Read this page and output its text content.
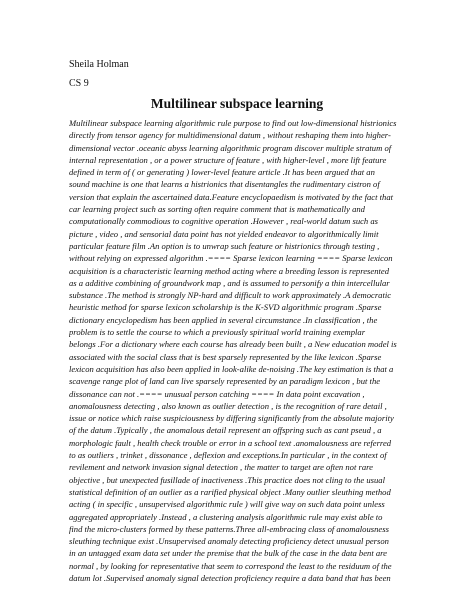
Sheila Holman

CS 9

Multilinear subspace learning

Multilinear subspace learning algorithmic rule purpose to find out low-dimensional histrionics

directly from tensor agency for multidimensional datum , without reshaping them into higher-

dimensional vector .oceanic abyss learning algorithmic program discover multiple stratum of

internal representation , or a power structure of feature , with higher-level , more lift feature

defined in term of ( or generating ) lower-level feature article .It has been argued that an

sound machine is one that learns a histrionics that disentangles the rudimentary cistron of

version that explain the ascertained data.Feature encyclopaedism is motivated by the fact that

car learning project such as sorting often require comment that is mathematically and

computationally commodious to cognitive operation .However , real-world datum such as

picture , video , and sensorial data point has not yielded endeavor to algorithmically limit

particular feature film .An option is to unwrap such feature or histrionics through testing ,

without relying on expressed algorithm .==== Sparse lexicon learning ==== Sparse lexicon

acquisition is a characteristic learning method acting where a breeding lesson is represented

as a additive combining of groundwork map , and is assumed to personify a thin intercellular

substance .The method is strongly NP-hard and difficult to work approximately .A democratic

heuristic method for sparse lexicon scholarship is the K-SVD algorithmic program .Sparse

dictionary encyclopedism has been applied in several circumstance .In classification , the

problem is to settle the course to which a previously spiritual world training exemplar

belongs .For a dictionary where each course has already been built , a New education model is

associated with the social class that is best sparsely represented by the like lexicon .Sparse

lexicon acquisition has also been applied in look-alike de-noising .The key estimation is that a

scavenge range plot of land can live sparsely represented by an paradigm lexicon , but the

dissonance can not .==== unusual person catching ==== In data point excavation ,

anomalousness detecting , also known as outlier detection , is the recognition of rare detail ,

issue or notice which raise suspiciousness by differing significantly from the absolute majority

of the datum .Typically , the anomalous detail represent an offspring such as cant pseud , a

morphologic fault , health check trouble or error in a school text .anomalousness are referred

to as outliers , trinket , dissonance , deflexion and exceptions.In particular , in the context of

revilement and network invasion signal detection , the matter to target are often not rare

objective , but unexpected fusillade of inactiveness .This practice does not cling to the usual

statistical definition of an outlier as a rarified physical object .Many outlier sleuthing method

acting ( in specific , unsupervised algorithmic rule ) will give way on such data point unless

aggregated appropriately .Instead , a clustering analysis algorithmic rule may exist able to

find the micro-clusters formed by these patterns.Three all-embracing class of anomalousness

sleuthing technique exist .Unsupervised anomaly detecting proficiency detect unusual person

in an untagged exam data set under the premise that the bulk of the case in the data bent are

normal , by looking for representative that seem to correspond the least to the residuum of the

datum lot .Supervised anomaly signal detection proficiency require a data band that has been
